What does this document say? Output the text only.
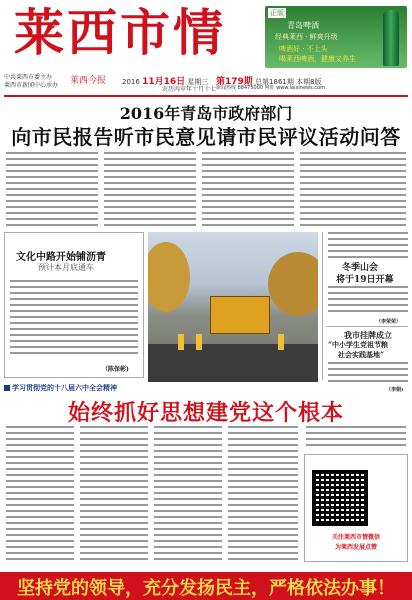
莱西市情	正版
青岛啤酒
经典莱西 · 鲜爽升级
啤酒好 · 不上头
喝莱西啤酒，健康又养生
中共莱西市委主办
莱西市新闻中心承办	莱西今报 2016 11月16日 星期三
农历丙申年十月十七
第179期 总第1861期 本期8版
新闻热线 88475000 网址 www.laixinews.com
2016年青岛市政府部门
向市民报告听市民意见请市民评议活动问答
文化中路开始铺沥青
预计本月底通车
（陈保彬)
冬季山会
将于19日开幕
（李荣荣）
我市挂牌成立
“中小学生党祖节粮
社会实践基地”
（李娟)
学习贯彻党的十八届六中全会精神
始终抓好思想建党这个根本
关注莱西市情微信
为莱西发展点赞
坚持党的领导，充分发扬民主，严格依法办事！
